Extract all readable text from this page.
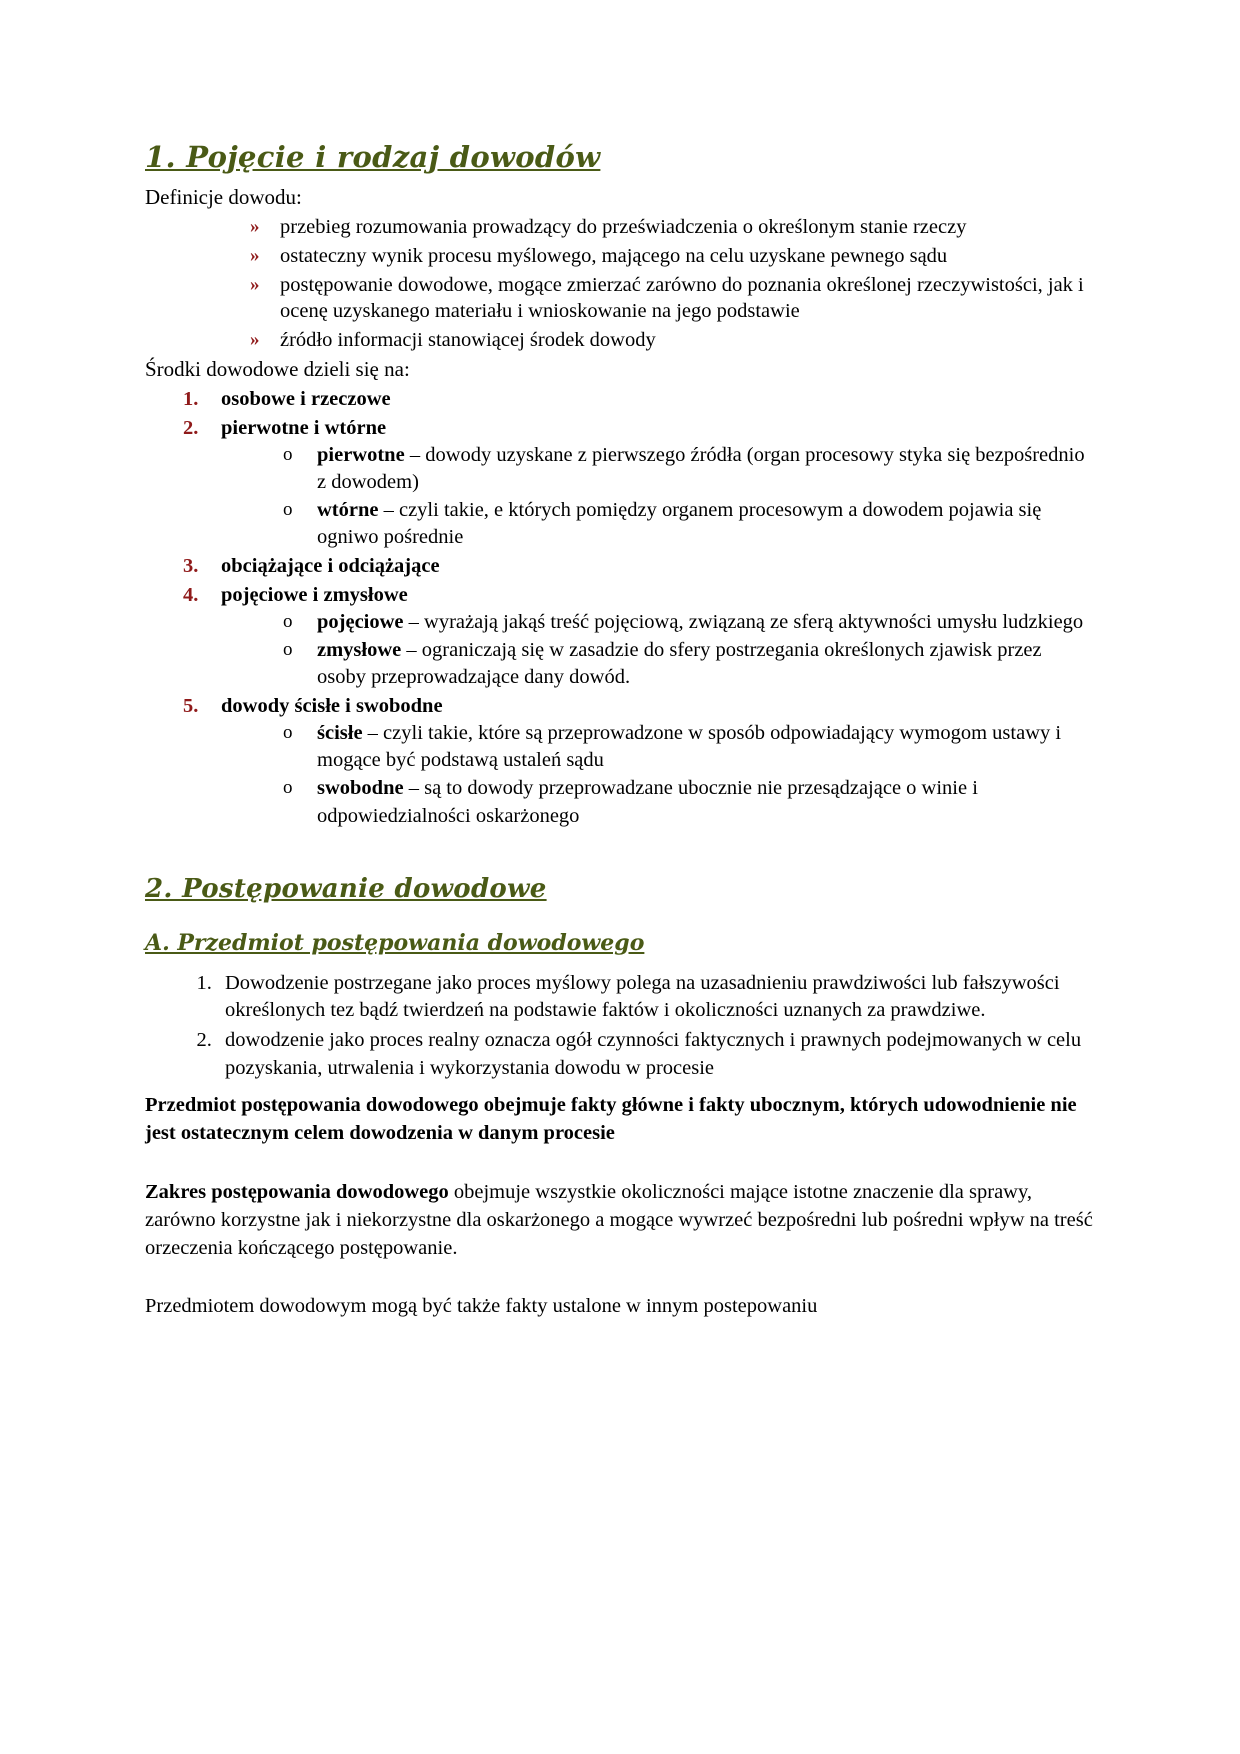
1. Pojęcie i rodzaj dowodów

Definicje dowodu:

» przebieg rozumowania prowadzący do przeświadczenia o określonym stanie rzeczy
» ostateczny wynik procesu myślowego, mającego na celu uzyskane pewnego sądu
» postępowanie dowodowe, mogące zmierzać zarówno do poznania określonej rzeczywistości, jak i ocenę uzyskanego materiału i wnioskowanie na jego podstawie
» źródło informacji stanowiącej środek dowody

Środki dowodowe dzieli się na:

1. osobowe i rzeczowe
2. pierwotne i wtórne
o pierwotne – dowody uzyskane z pierwszego źródła (organ procesowy styka się bezpośrednio z dowodem)
o wtórne – czyli takie, e których pomiędzy organem procesowym a dowodem pojawia się ogniwo pośrednie
3. obciążające i odciążające
4. pojęciowe i zmysłowe
o pojęciowe – wyrażają jakąś treść pojęciową, związaną ze sferą aktywności umysłu ludzkiego
o zmysłowe – ograniczają się w zasadzie do sfery postrzegania określonych zjawisk przez osoby przeprowadzające dany dowód.
5. dowody ścisłe i swobodne
o ścisłe – czyli takie, które są przeprowadzone w sposób odpowiadający wymogom ustawy i mogące być podstawą ustaleń sądu
o swobodne – są to dowody przeprowadzane ubocznie nie przesądzające o winie i odpowiedzialności oskarżonego
2. Postępowanie dowodowe
A. Przedmiot postępowania dowodowego
1. Dowodzenie postrzegane jako proces myślowy polega na uzasadnieniu prawdziwości lub fałszywości określonych tez bądź twierdzeń na podstawie faktów i okoliczności uznanych za prawdziwe.
2. dowodzenie jako proces realny oznacza ogół czynności faktycznych i prawnych podejmowanych w celu pozyskania, utrwalenia i wykorzystania dowodu w procesie

Przedmiot postępowania dowodowego obejmuje fakty główne i fakty ubocznym, których udowodnienie nie jest ostatecznym celem dowodzenia w danym procesie

Zakres postępowania dowodowego obejmuje wszystkie okoliczności mające istotne znaczenie dla sprawy, zarówno korzystne jak i niekorzystne dla oskarżonego a mogące wywrzeć bezpośredni lub pośredni wpływ na treść orzeczenia kończącego postępowanie.

Przedmiotem dowodowym mogą być także fakty ustalone w innym postepowaniu
